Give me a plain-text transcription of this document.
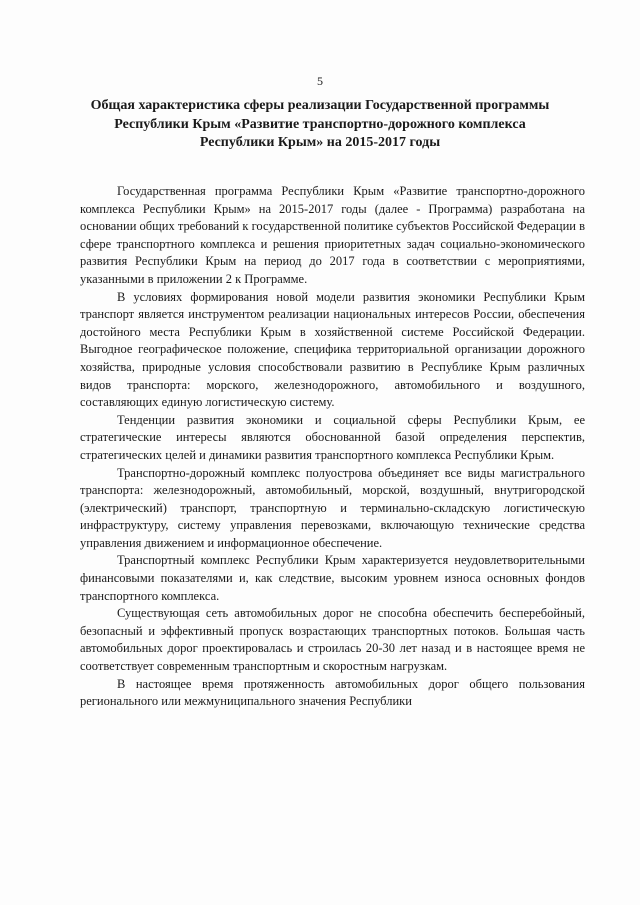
5
Общая характеристика сферы реализации Государственной программы
Республики Крым «Развитие транспортно-дорожного комплекса
Республики Крым» на 2015-2017 годы

Государственная программа Республики Крым «Развитие транспортно-дорожного комплекса Республики Крым» на 2015-2017 годы (далее - Программа) разработана на основании общих требований к государственной политике субъектов Российской Федерации в сфере транспортного комплекса и решения приоритетных задач социально-экономического развития Республики Крым на период до 2017 года в соответствии с мероприятиями, указанными в приложении 2 к Программе.

В условиях формирования новой модели развития экономики Республики Крым транспорт является инструментом реализации национальных интересов России, обеспечения достойного места Республики Крым в хозяйственной системе Российской Федерации. Выгодное географическое положение, специфика территориальной организации дорожного хозяйства, природные условия способствовали развитию в Республике Крым различных видов транспорта: морского, железнодорожного, автомобильного и воздушного, составляющих единую логистическую систему.

Тенденции развития экономики и социальной сферы Республики Крым, ее стратегические интересы являются обоснованной базой определения перспектив, стратегических целей и динамики развития транспортного комплекса Республики Крым.

Транспортно-дорожный комплекс полуострова объединяет все виды магистрального транспорта: железнодорожный, автомобильный, морской, воздушный, внутригородской (электрический) транспорт, транспортную и терминально-складскую логистическую инфраструктуру, систему управления перевозками, включающую технические средства управления движением и информационное обеспечение.

Транспортный комплекс Республики Крым характеризуется неудовлетворительными финансовыми показателями и, как следствие, высоким уровнем износа основных фондов транспортного комплекса.

Существующая сеть автомобильных дорог не способна обеспечить бесперебойный, безопасный и эффективный пропуск возрастающих транспортных потоков. Большая часть автомобильных дорог проектировалась и строилась 20-30 лет назад и в настоящее время не соответствует современным транспортным и скоростным нагрузкам.

В настоящее время протяженность автомобильных дорог общего пользования регионального или межмуниципального значения Республики
